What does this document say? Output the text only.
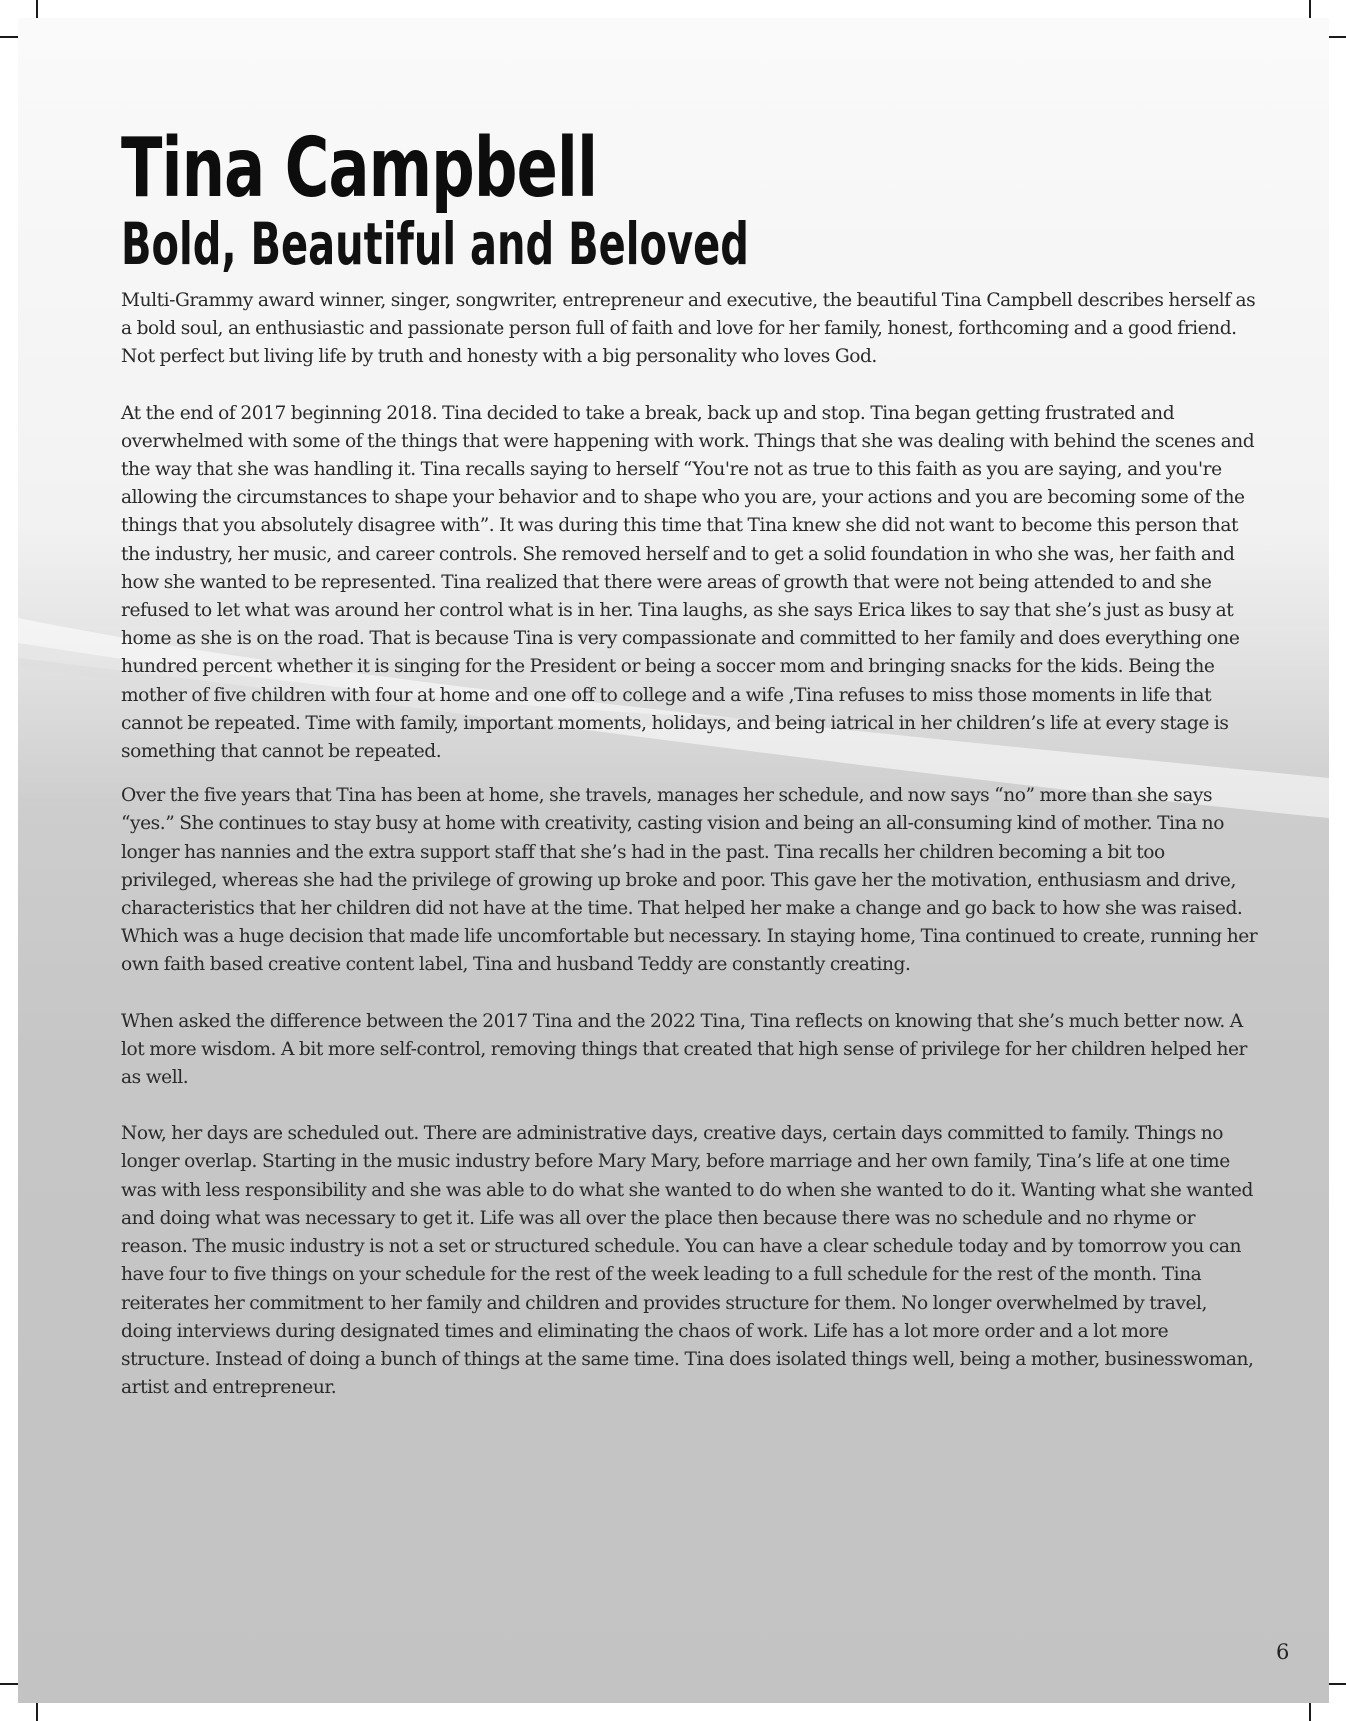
Tina Campbell
Bold, Beautiful and Beloved

Multi-Grammy award winner, singer, songwriter, entrepreneur and executive, the beautiful Tina Campbell describes herself as a bold soul, an enthusiastic and passionate person full of faith and love for her family, honest, forthcoming and a good friend. Not perfect but living life by truth and honesty with a big personality who loves God.

At the end of 2017 beginning 2018. Tina decided to take a break, back up and stop. Tina began getting frustrated and overwhelmed with some of the things that were happening with work. Things that she was dealing with behind the scenes and the way that she was handling it. Tina recalls saying to herself “You're not as true to this faith as you are saying, and you're allowing the circumstances to shape your behavior and to shape who you are, your actions and you are becoming some of the things that you absolutely disagree with”. It was during this time that Tina knew she did not want to become this person that the industry, her music, and career controls. She removed herself and to get a solid foundation in who she was, her faith and how she wanted to be represented. Tina realized that there were areas of growth that were not being attended to and she refused to let what was around her control what is in her. Tina laughs, as she says Erica likes to say that she’s just as busy at home as she is on the road. That is because Tina is very compassionate and committed to her family and does everything one hundred percent whether it is singing for the President or being a soccer mom and bringing snacks for the kids. Being the mother of five children with four at home and one off to college and a wife ,Tina refuses to miss those moments in life that cannot be repeated. Time with family, important moments, holidays, and being iatrical in her children’s life at every stage is something that cannot be repeated.

Over the five years that Tina has been at home, she travels, manages her schedule, and now says “no” more than she says “yes.” She continues to stay busy at home with creativity, casting vision and being an all-consuming kind of mother. Tina no longer has nannies and the extra support staff that she’s had in the past. Tina recalls her children becoming a bit too privileged, whereas she had the privilege of growing up broke and poor. This gave her the motivation, enthusiasm and drive, characteristics that her children did not have at the time. That helped her make a change and go back to how she was raised. Which was a huge decision that made life uncomfortable but necessary. In staying home, Tina continued to create, running her own faith based creative content label, Tina and husband Teddy are constantly creating.

When asked the difference between the 2017 Tina and the 2022 Tina, Tina reflects on knowing that she’s much better now. A lot more wisdom. A bit more self-control, removing things that created that high sense of privilege for her children helped her as well.

Now, her days are scheduled out. There are administrative days, creative days, certain days committed to family. Things no longer overlap. Starting in the music industry before Mary Mary, before marriage and her own family, Tina’s life at one time was with less responsibility and she was able to do what she wanted to do when she wanted to do it. Wanting what she wanted and doing what was necessary to get it. Life was all over the place then because there was no schedule and no rhyme or reason. The music industry is not a set or structured schedule. You can have a clear schedule today and by tomorrow you can have four to five things on your schedule for the rest of the week leading to a full schedule for the rest of the month. Tina reiterates her commitment to her family and children and provides structure for them. No longer overwhelmed by travel, doing interviews during designated times and eliminating the chaos of work. Life has a lot more order and a lot more structure. Instead of doing a bunch of things at the same time. Tina does isolated things well, being a mother, businesswoman, artist and entrepreneur.

6
